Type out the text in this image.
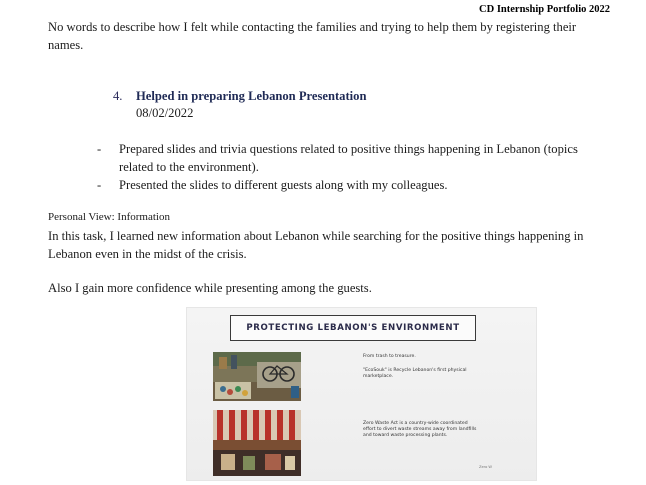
CD Internship Portfolio 2022
No words to describe how I felt while contacting the families and trying to help them by registering their
names.
4. Helped in preparing Lebanon Presentation
08/02/2022
- Prepared slides and trivia questions related to positive things happening in Lebanon (topics
related to the environment).
- Presented the slides to different guests along with my colleagues.
Personal View: Information
In this task, I learned new information about Lebanon while searching for the positive things happening in
Lebanon even in the midst of the crisis.
Also I gain more confidence while presenting among the guests.
PROTECTING LEBANON'S ENVIRONMENT
From trash to treasure.
"EcoSouk" is Recycle Lebanon's first physical
marketplace.
Zero Waste Act is a country-wide coordinated
effort to divert waste streams away from landfills
and toward waste processing plants.
Zero W
